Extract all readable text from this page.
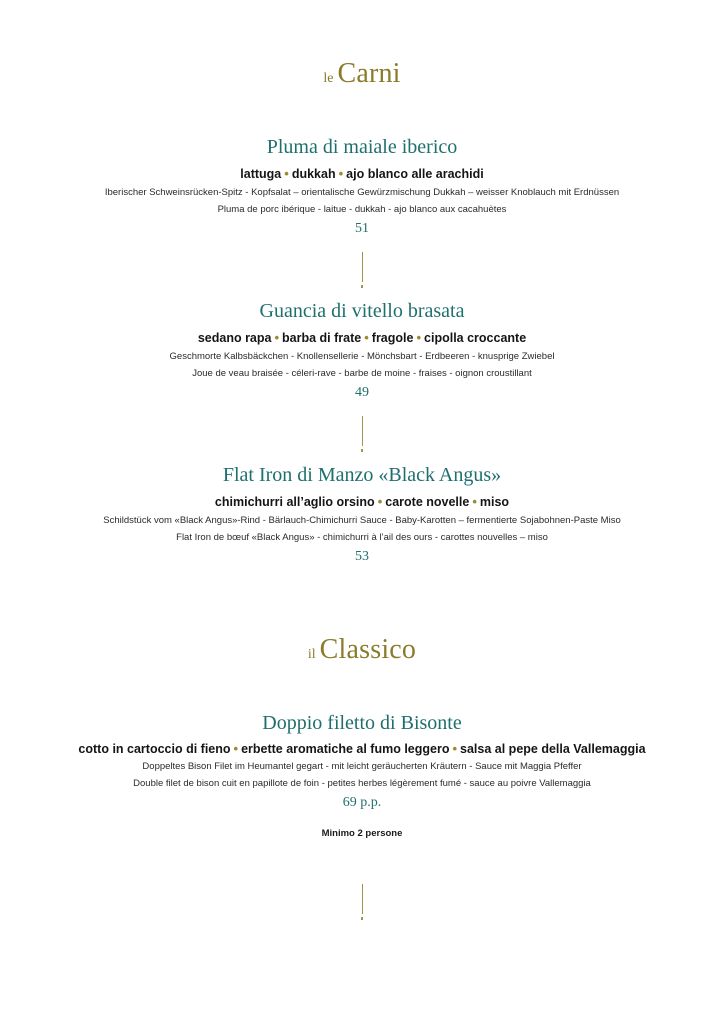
le Carni
Pluma di maiale iberico
lattuga • dukkah • ajo blanco alle arachidi
Iberischer Schweinsrücken-Spitz - Kopfsalat – orientalische Gewürzmischung Dukkah – weisser Knoblauch mit Erdnüssen
Pluma de porc ibérique - laitue - dukkah - ajo blanco aux cacahuètes
51
Guancia di vitello brasata
sedano rapa • barba di frate • fragole • cipolla croccante
Geschmorte Kalbsbäckchen - Knollensellerie - Mönchsbart - Erdbeeren - knusprige Zwiebel
Joue de veau braisée - céleri-rave - barbe de moine - fraises - oignon croustillant
49
Flat Iron di Manzo «Black Angus»
chimichurri all’aglio orsino • carote novelle • miso
Schildstück vom «Black Angus»-Rind - Bärlauch-Chimichurri Sauce - Baby-Karotten – fermentierte Sojabohnen-Paste Miso
Flat Iron de bœuf «Black Angus» - chimichurri à l’ail des ours - carottes nouvelles – miso
53
il Classico
Doppio filetto di Bisonte
cotto in cartoccio di fieno • erbette aromatiche al fumo leggero • salsa al pepe della Vallemaggia
Doppeltes Bison Filet im Heumantel gegart - mit leicht geräucherten Kräutern - Sauce mit Maggia Pfeffer
Double filet de bison cuit en papillote de foin - petites herbes légèrement fumé - sauce au poivre Vallemaggia
69 p.p.
Minimo 2 persone
